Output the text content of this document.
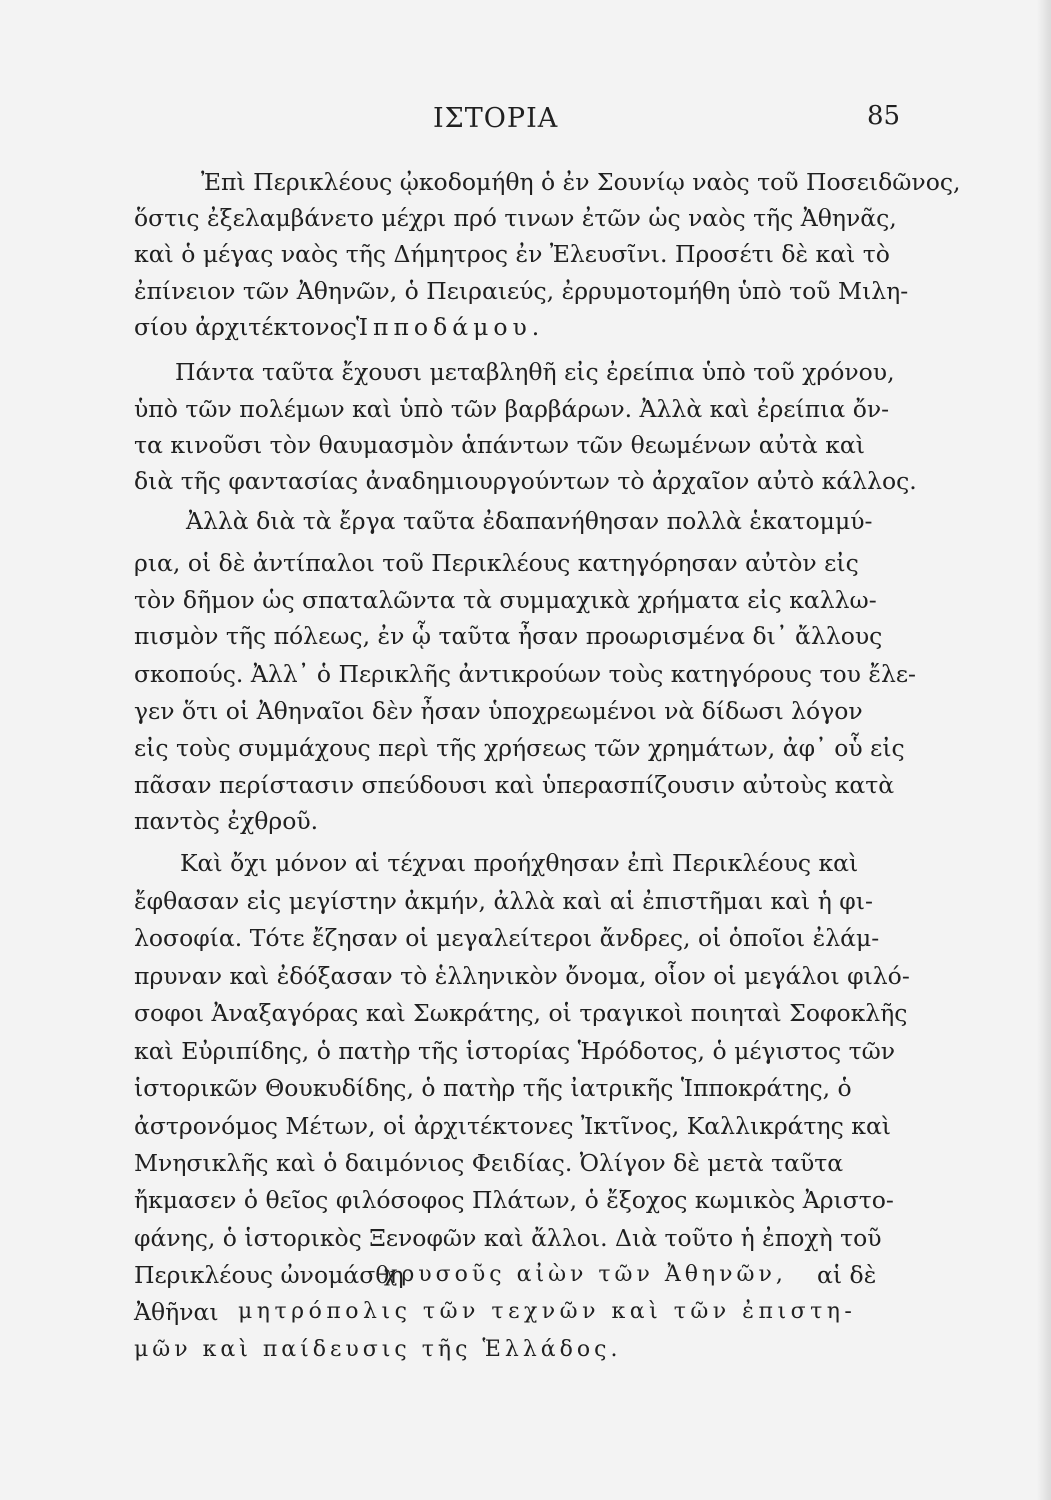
ΙΣΤΟΡΙΑ	85
Ἐπὶ Περικλέους ᾠκοδομήθη ὁ ἐν Σουνίῳ ναὸς τοῦ Ποσειδῶνος,
ὅστις ἐξελαμβάνετο μέχρι πρό τινων ἐτῶν ὡς ναὸς τῆς Ἀθηνᾶς,
καὶ ὁ μέγας ναὸς τῆς Δήμητρος ἐν Ἐλευσῖνι. Προσέτι δὲ καὶ τὸ
ἐπίνειον τῶν Ἀθηνῶν, ὁ Πειραιεύς, ἐρρυμοτομήθη ὑπὸ τοῦ Μιλη-
σίου ἀρχιτέκτονος Ἱπποδάμου.
Πάντα ταῦτα ἔχουσι μεταβληθῆ εἰς ἐρείπια ὑπὸ τοῦ χρόνου,
ὑπὸ τῶν πολέμων καὶ ὑπὸ τῶν βαρβάρων. Ἀλλὰ καὶ ἐρείπια ὄν-
τα κινοῦσι τὸν θαυμασμὸν ἁπάντων τῶν θεωμένων αὐτὰ καὶ
διὰ τῆς φαντασίας ἀναδημιουργούντων τὸ ἀρχαῖον αὐτὸ κάλλος.
Ἀλλὰ διὰ τὰ ἔργα ταῦτα ἐδαπανήθησαν πολλὰ ἑκατομμύ-
ρια, οἱ δὲ ἀντίπαλοι τοῦ Περικλέους κατηγόρησαν αὐτὸν εἰς
τὸν δῆμον ὡς σπαταλῶντα τὰ συμμαχικὰ χρήματα εἰς καλλω-
πισμὸν τῆς πόλεως, ἐν ᾧ ταῦτα ἦσαν προωρισμένα δι᾽ ἄλλους
σκοπούς. Ἀλλ᾽ ὁ Περικλῆς ἀντικρούων τοὺς κατηγόρους του ἔλε-
γεν ὅτι οἱ Ἀθηναῖοι δὲν ἦσαν ὑποχρεωμένοι νὰ δίδωσι λόγον
εἰς τοὺς συμμάχους περὶ τῆς χρήσεως τῶν χρημάτων, ἀφ᾽ οὗ εἰς
πᾶσαν περίστασιν σπεύδουσι καὶ ὑπερασπίζουσιν αὐτοὺς κατὰ
παντὸς ἐχθροῦ.
Καὶ ὄχι μόνον αἱ τέχναι προήχθησαν ἐπὶ Περικλέους καὶ
ἔφθασαν εἰς μεγίστην ἀκμήν, ἀλλὰ καὶ αἱ ἐπιστῆμαι καὶ ἡ φι-
λοσοφία. Τότε ἔζησαν οἱ μεγαλείτεροι ἄνδρες, οἱ ὁποῖοι ἐλάμ-
πρυναν καὶ ἐδόξασαν τὸ ἑλληνικὸν ὄνομα, οἷον οἱ μεγάλοι φιλό-
σοφοι Ἀναξαγόρας καὶ Σωκράτης, οἱ τραγικοὶ ποιηταὶ Σοφοκλῆς
καὶ Εὐριπίδης, ὁ πατὴρ τῆς ἱστορίας Ἡρόδοτος, ὁ μέγιστος τῶν
ἱστορικῶν Θουκυδίδης, ὁ πατὴρ τῆς ἰατρικῆς Ἱπποκράτης, ὁ
ἀστρονόμος Μέτων, οἱ ἀρχιτέκτονες Ἰκτῖνος, Καλλικράτης καὶ
Μνησικλῆς καὶ ὁ δαιμόνιος Φειδίας. Ὀλίγον δὲ μετὰ ταῦτα
ἤκμασεν ὁ θεῖος φιλόσοφος Πλάτων, ὁ ἔξοχος κωμικὸς Ἀριστο-
φάνης, ὁ ἱστορικὸς Ξενοφῶν καὶ ἄλλοι. Διὰ τοῦτο ἡ ἐποχὴ τοῦ
Περικλέους ὠνομάσθη
χρυσοῦς αἰὼν τῶν Ἀθηνῶν, αἱ δὲ
Ἀθῆναι μητρόπολις τῶν τεχνῶν καὶ τῶν ἐπιστη-
μῶν καὶ παίδευσις τῆς Ἑλλάδος.
